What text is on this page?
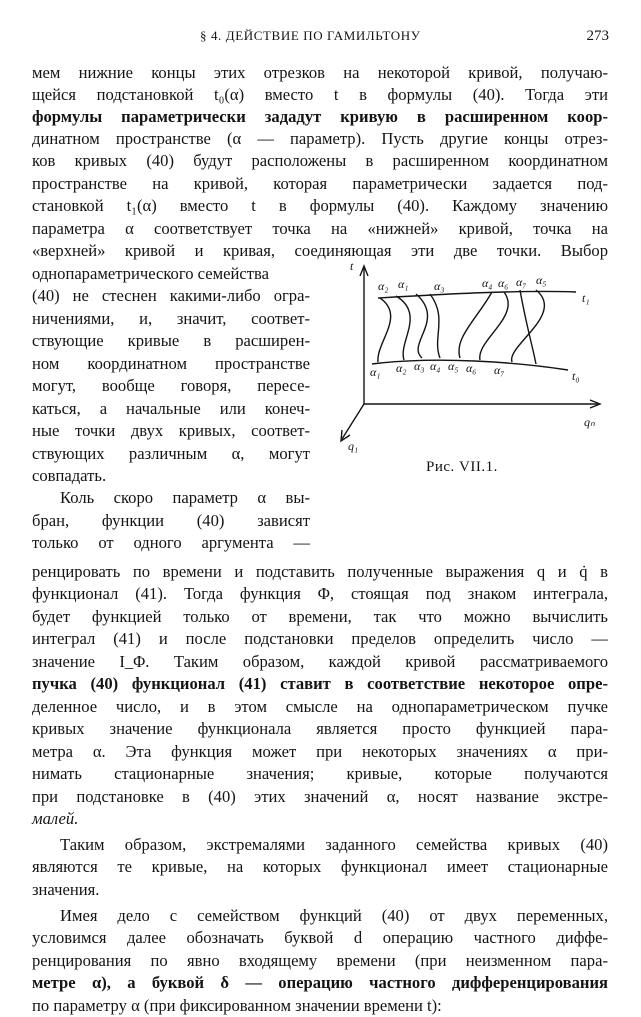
§ 4. ДЕЙСТВИЕ ПО ГАМИЛЬТОНУ	273
мем нижние концы этих отрезков на некоторой кривой, получаю-
щейся подстановкой t₀(α) вместо t в формулы (40). Тогда эти
формулы параметрически зададут кривую в расширенном коор-
динатном пространстве (α — параметр). Пусть другие концы отрез-
ков кривых (40) будут расположены в расширенном координатном
пространстве на кривой, которая параметрически задается под-
становкой t₁(α) вместо t в формулы (40). Каждому значению
параметра α соответствует точка на «нижней» кривой, точка на
«верхней» кривой и кривая, соединяющая эти две точки. Выбор
однопараметрического семейства
(40) не стеснен какими-либо огра-
ничениями, и, значит, соответ-
ствующие кривые в расширен-
ном координатном пространстве
могут, вообще говоря, пересе-
каться, а начальные или конеч-
ные точки двух кривых, соответ-
ствующих различным α, могут
совпадать.
Коль скоро параметр α вы-
бран, функции (40) зависят
только от одного аргумента —
ренцировать по времени и подставить полученные выражения q и q̇ в
функционал (41). Тогда функция Φ, стоящая под знаком интеграла,
будет функцией только от времени, так что можно вычислить
интеграл (41) и после подстановки пределов определить число —
значение I_Φ. Таким образом, каждой кривой рассматриваемого
пучка (40) функционал (41) ставит в соответствие некоторое опре-
деленное число, и в этом смысле на однопараметрическом пучке
кривых значение функционала является просто функцией пара-
метра α. Эта функция может при некоторых значениях α при-
нимать стационарные значения; кривые, которые получаются
при подстановке в (40) этих значений α, носят название экстре-
малей.
t
qₙ
q₁
t₁
t₀
α₂ α₁ α₃	α₄ α₆ α₇ α₅
α₁ α₂ α₃ α₄ α₅ α₆ α₇
Рис. VII.1.
Таким образом, экстремалями заданного семейства кривых (40)
являются те кривые, на которых функционал имеет стационарные
значения.
Имея дело с семейством функций (40) от двух переменных,
условимся далее обозначать буквой d операцию частного диффе-
ренцирования по явно входящему времени (при неизменном пара-
метре α), а буквой δ — операцию частного дифференцирования
по параметру α (при фиксированном значении времени t):
